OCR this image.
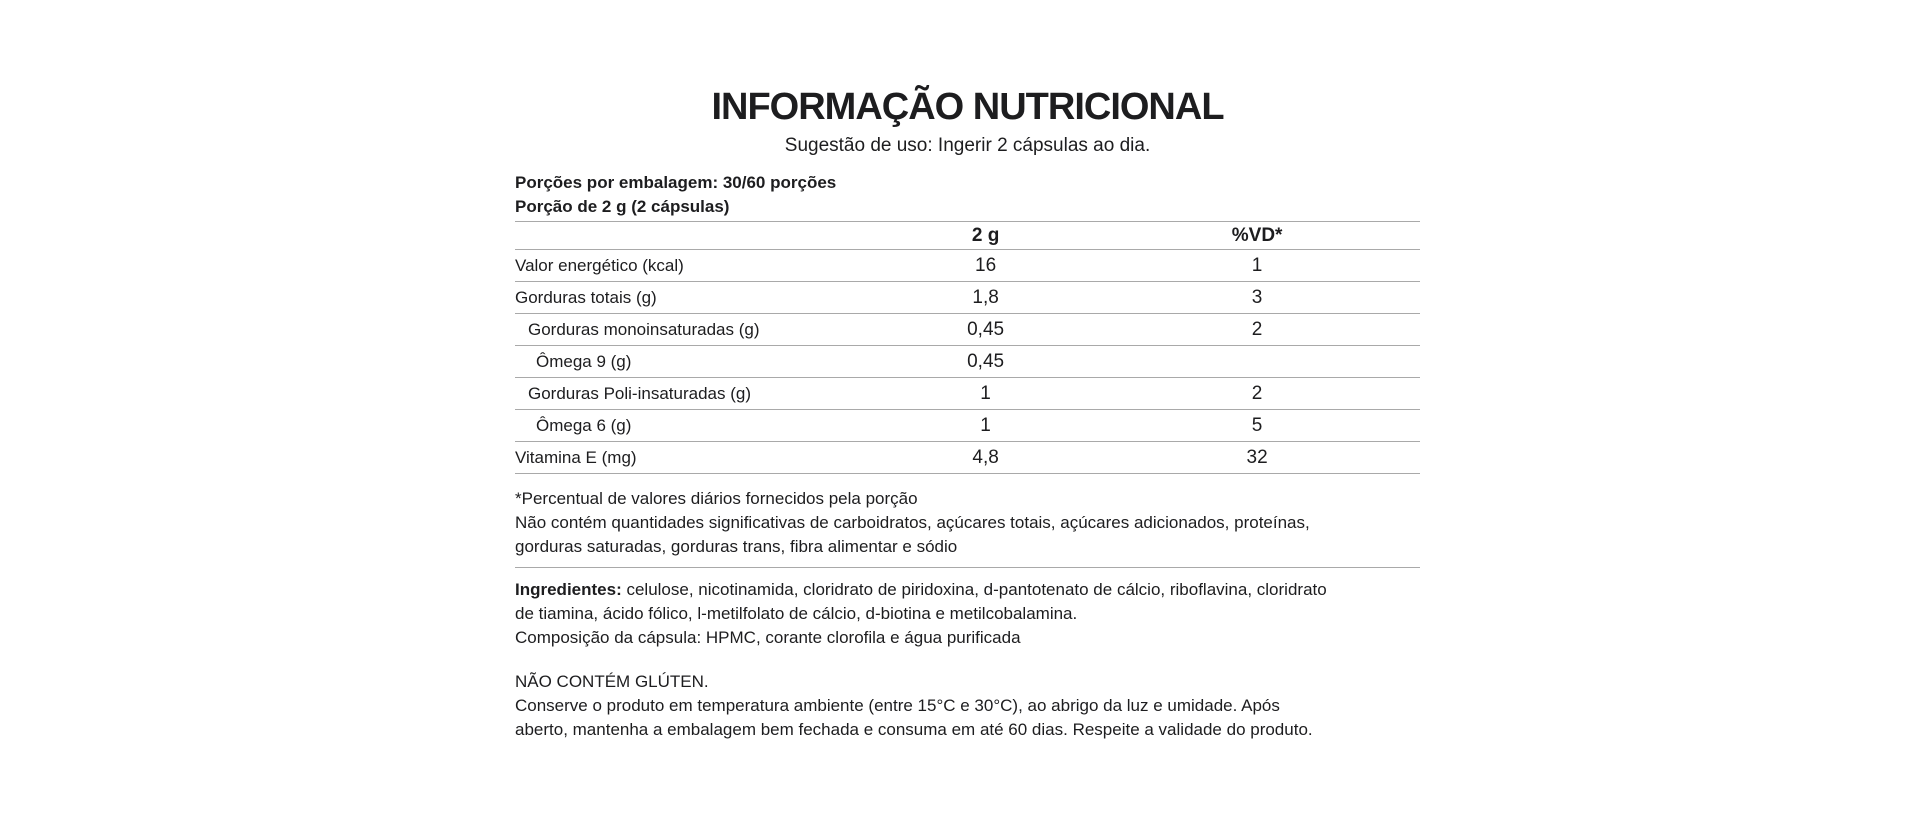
INFORMAÇÃO NUTRICIONAL

Sugestão de uso: Ingerir 2 cápsulas ao dia.

Porções por embalagem: 30/60 porções
Porção de 2 g (2 cápsulas)
	2 g	%VD*
Valor energético (kcal)	16	1
Gorduras totais (g)	1,8	3
Gorduras monoinsaturadas (g)	0,45	2
Ômega 9 (g)	0,45	
Gorduras Poli-insaturadas (g)	1	2
Ômega 6 (g)	1	5
Vitamina E (mg)	4,8	32
*Percentual de valores diários fornecidos pela porção
Não contém quantidades significativas de carboidratos, açúcares totais, açúcares adicionados, proteínas,
gorduras saturadas, gorduras trans, fibra alimentar e sódio
Ingredientes: celulose, nicotinamida, cloridrato de piridoxina, d-pantotenato de cálcio, riboflavina, cloridrato
de tiamina, ácido fólico, l-metilfolato de cálcio, d-biotina e metilcobalamina.
Composição da cápsula: HPMC, corante clorofila e água purificada
NÃO CONTÉM GLÚTEN.
Conserve o produto em temperatura ambiente (entre 15°C e 30°C), ao abrigo da luz e umidade. Após
aberto, mantenha a embalagem bem fechada e consuma em até 60 dias. Respeite a validade do produto.
